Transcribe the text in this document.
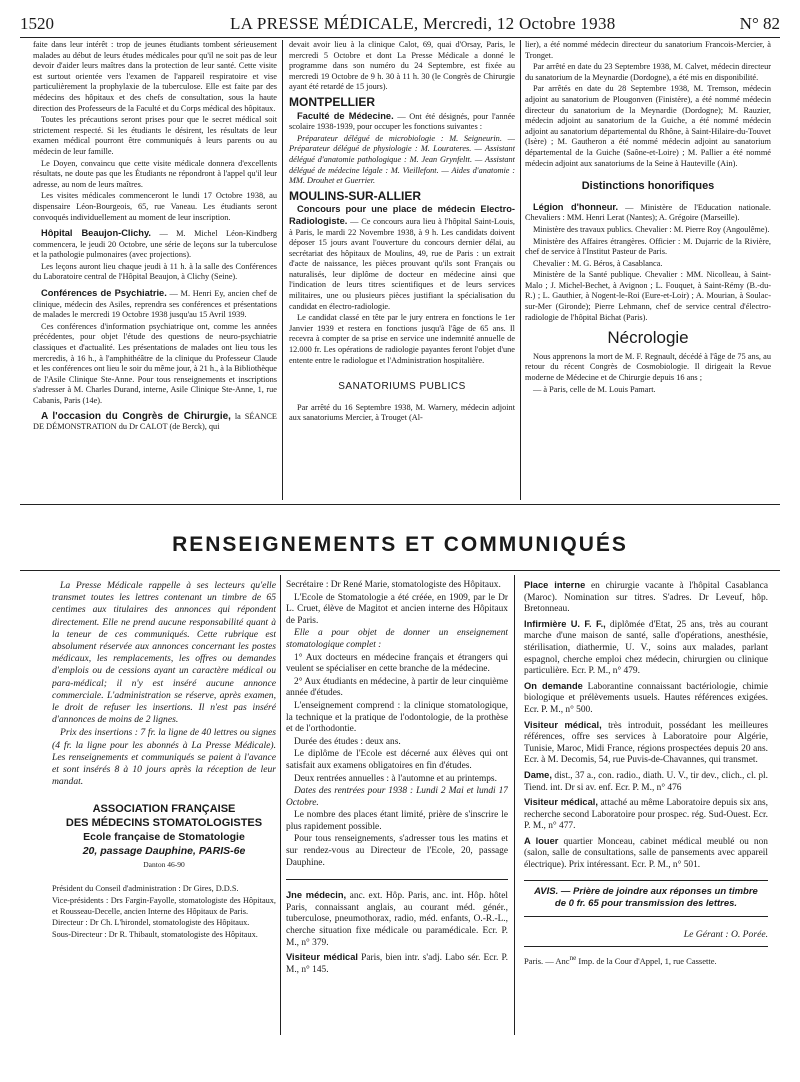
1520	LA PRESSE MÉDICALE, Mercredi, 12 Octobre 1938	N° 82

faite dans leur intérêt : trop de jeunes étudiants tombent sérieusement malades au début de leurs études médicales pour qu'il ne soit pas de leur devoir d'aider leurs maîtres dans la protection de leur santé. Cette visite est surtout orientée vers l'examen de l'appareil respiratoire et vise particulièrement la prophylaxie de la tuberculose. Elle est faite par des médecins des hôpitaux et des chefs de consultation, sous la haute direction des Professeurs de la Faculté et du Corps médical des hôpitaux.

Toutes les précautions seront prises pour que le secret médical soit strictement respecté. Si les étudiants le désirent, les résultats de leur examen médical pourront être communiqués à leurs parents ou au médecin de leur famille.

Le Doyen, convaincu que cette visite médicale donnera d'excellents résultats, ne doute pas que les Étudiants ne répondront à l'appel qu'il leur adresse, au nom de leurs maîtres.

Les visites médicales commenceront le lundi 17 Octobre 1938, au dispensaire Léon-Bourgeois, 65, rue Vaneau. Les étudiants seront convoqués individuellement au moment de leur inscription.

Hôpital Beaujon-Clichy. — M. Michel Léon-Kindberg commencera, le jeudi 20 Octobre, une série de leçons sur la tuberculose et la pathologie pulmonaires (avec projections).

Les leçons auront lieu chaque jeudi à 11 h. à la salle des Conférences du Laboratoire central de l'Hôpital Beaujon, à Clichy (Seine).

Conférences de Psychiatrie. — M. Henri Ey, ancien chef de clinique, médecin des Asiles, reprendra ses conférences et présentations de malades le mercredi 19 Octobre 1938 jusqu'au 15 Avril 1939.

Ces conférences d'information psychiatrique ont, comme les années précédentes, pour objet l'étude des questions de neuro-psychiatrie classiques et d'actualité. Les présentations de malades ont lieu tous les mercredis, à 16 h., à l'amphithéâtre de la clinique du Professeur Claude et les conférences ont lieu le soir du même jour, à 21 h., à la Bibliothèque de l'Asile Clinique Ste-Anne. Pour tous renseignements et inscriptions s'adresser à M. Charles Durand, interne, Asile Clinique Ste-Anne, 1, rue Cabanis, Paris (14e).

A l'occasion du Congrès de Chirurgie, la SÉANCE DE DÉMONSTRATION du Dr CALOT (de Berck), qui

devait avoir lieu à la clinique Calot, 69, quai d'Orsay, Paris, le mercredi 5 Octobre et dont La Presse Médicale a donné le programme dans son numéro du 24 Septembre, est fixée au mercredi 19 Octobre de 9 h. 30 à 11 h. 30 (le Congrès de Chirurgie ayant été retardé de 15 jours).

MONTPELLIER

Faculté de Médecine. — Ont été désignés, pour l'année scolaire 1938-1939, pour occuper les fonctions suivantes :

Préparateur délégué de microbiologie : M. Seigneurin. — Préparateur délégué de physiologie : M. Lourateres. — Assistant délégué d'anatomie pathologique : M. Jean Grynfeltt. — Assistant délégué de médecine légale : M. Vieillefont. — Aides d'anatomie : MM. Drouhet et Guerrier.

MOULINS-SUR-ALLIER

Concours pour une place de médecin Electro-Radiologiste. — Ce concours aura lieu à l'hôpital Saint-Louis, à Paris, le mardi 22 Novembre 1938, à 9 h. Les candidats doivent déposer 15 jours avant l'ouverture du concours dernier délai, au secrétariat des hôpitaux de Moulins, 49, rue de Paris : un extrait d'acte de naissance, les pièces prouvant qu'ils sont Français ou naturalisés, leur diplôme de docteur en médecine ainsi que l'indication de leurs titres scientifiques et de leurs services militaires, une ou plusieurs pièces justifiant la spécialisation du candidat en électro-radiologie.

Le candidat classé en tête par le jury entrera en fonctions le 1er Janvier 1939 et restera en fonctions jusqu'à l'âge de 65 ans. Il recevra à compter de sa prise en service une indemnité annuelle de 12.000 fr. Les opérations de radiologie payantes feront l'objet d'une entente entre le radiologue et l'Administration hospitalière.

SANATORIUMS PUBLICS

Par arrêté du 16 Septembre 1938, M. Warnery, médecin adjoint aux sanatoriums Mercier, à Trouget (Al-

lier), a été nommé médecin directeur du sanatorium Francois-Mercier, à Tronget.

Par arrêté en date du 23 Septembre 1938, M. Calvet, médecin directeur du sanatorium de la Meynardie (Dordogne), a été mis en disponibilité.

Par arrêtés en date du 28 Septembre 1938, M. Tremson, médecin adjoint au sanatorium de Plougonven (Finistère), a été nommé médecin directeur du sanatorium de la Meynardie (Dordogne); M. Rauzier, médecin adjoint au sanatorium de la Guiche, a été nommé médecin adjoint au sanatorium départemental du Rhône, à Saint-Hilaire-du-Touvet (Isère) ; M. Gautheron a été nommé médecin adjoint au sanatorium départemental de la Guiche (Saône-et-Loire) ; M. Pallier a été nommé médecin adjoint aux sanatoriums de la Seine à Hauteville (Ain).

Distinctions honorifiques

Légion d'honneur. — Ministère de l'Education nationale. Chevaliers : MM. Henri Lerat (Nantes); A. Grégoire (Marseille).

Ministère des travaux publics. Chevalier : M. Pierre Roy (Angoulême).

Ministère des Affaires étrangères. Officier : M. Dujarric de la Rivière, chef de service à l'Institut Pasteur de Paris.

Chevalier : M. G. Béros, à Casablanca.

Ministère de la Santé publique. Chevalier : MM. Nicolleau, à Saint-Malo ; J. Michel-Bechet, à Avignon ; L. Fouquet, à Saint-Rémy (B.-du-R.) ; L. Gauthier, à Nogent-le-Roi (Eure-et-Loir) ; A. Mourian, à Soulac-sur-Mer (Gironde); Pierre Lehmann, chef de service central d'électro-radiologie de l'hôpital Bichat (Paris).

Nécrologie

Nous apprenons la mort de M. F. Regnault, décédé à l'âge de 75 ans, au retour du récent Congrès de Cosmobiologie. Il dirigeait la Revue moderne de Médecine et de Chirurgie depuis 16 ans ;

— à Paris, celle de M. Louis Pamart.

RENSEIGNEMENTS ET COMMUNIQUÉS

La Presse Médicale rappelle à ses lecteurs qu'elle transmet toutes les lettres contenant un timbre de 65 centimes aux titulaires des annonces qui répondent directement. Elle ne prend aucune responsabilité quant à la teneur de ces communiqués. Cette rubrique est absolument réservée aux annonces concernant les postes médicaux, les remplacements, les offres ou demandes d'emplois ou de cessions ayant un caractère médical ou para-médical; il n'y est inséré aucune annonce commerciale. L'administration se réserve, après examen, le droit de refuser les insertions. Il n'est pas inséré d'annonces de moins de 2 lignes.

Prix des insertions : 7 fr. la ligne de 40 lettres ou signes (4 fr. la ligne pour les abonnés à La Presse Médicale). Les renseignements et communiqués se paient à l'avance et sont insérés 8 à 10 jours après la réception de leur mandat.

ASSOCIATION FRANÇAISE
DES MÉDECINS STOMATOLOGISTES
Ecole française de Stomatologie
20, passage Dauphine, PARIS-6e
Danton 46-90

Président du Conseil d'administration : Dr Gires, D.D.S.

Vice-présidents : Drs Fargin-Fayolle, stomatologiste des Hôpitaux, et Rousseau-Decelle, ancien Interne des Hôpitaux de Paris.

Directeur : Dr Ch. L'hirondel, stomatologiste des Hôpitaux.

Sous-Directeur : Dr R. Thibault, stomatologiste des Hôpitaux.

Secrétaire : Dr René Marie, stomatologiste des Hôpitaux.

L'Ecole de Stomatologie a été créée, en 1909, par le Dr L. Cruet, élève de Magitot et ancien interne des Hôpitaux de Paris.

Elle a pour objet de donner un enseignement stomatologique complet :

1° Aux docteurs en médecine français et étrangers qui veulent se spécialiser en cette branche de la médecine.

2° Aux étudiants en médecine, à partir de leur cinquième année d'études.

L'enseignement comprend : la clinique stomatologique, la technique et la pratique de l'odontologie, de la prothèse et de l'orthodontie.

Durée des études : deux ans.

Le diplôme de l'Ecole est décerné aux élèves qui ont satisfait aux examens obligatoires en fin d'études.

Deux rentrées annuelles : à l'automne et au printemps.

Dates des rentrées pour 1938 : Lundi 2 Mai et lundi 17 Octobre.

Le nombre des places étant limité, prière de s'inscrire le plus rapidement possible.

Pour tous renseignements, s'adresser tous les matins et sur rendez-vous au Directeur de l'Ecole, 20, passage Dauphine.

Jne médecin, anc. ext. Hôp. Paris, anc. int. Hôp. hôtel Paris, connaissant anglais, au courant méd. génér., tuberculose, pneumothorax, radio, méd. enfants, O.-R.-L., cherche situation fixe médicale ou paramédicale. Ecr. P. M., n° 379.

Visiteur médical Paris, bien intr. s'adj. Labo sér. Ecr. P. M., n° 145.

Place interne en chirurgie vacante à l'hôpital Casablanca (Maroc). Nomination sur titres. S'adres. Dr Leveuf, hôp. Bretonneau.

Infirmière U. F. F., diplômée d'Etat, 25 ans, très au courant marche d'une maison de santé, salle d'opérations, anesthésie, stérilisation, diathermie, U. V., soins aux malades, parlant espagnol, cherche emploi chez médecin, chirurgien ou clinique particulière. Ecr. P. M., n° 479.

On demande Laborantine connaissant bactériologie, chimie biologique et prélèvements usuels. Hautes références exigées. Ecr. P. M., n° 500.

Visiteur médical, très introduit, possédant les meilleures références, offre ses services à Laboratoire pour Algérie, Tunisie, Maroc, Midi France, régions prospectées depuis 20 ans. Ecr. à M. Decomis, 54, rue Puvis-de-Chavannes, qui transmet.

Dame, dist., 37 a., con. radio., diath. U. V., tir dev., clich., cl. pl. Tiend. int. Dr si av. enf. Ecr. P. M., n° 476

Visiteur médical, attaché au même Laboratoire depuis six ans, recherche second Laboratoire pour prospec. rég. Sud-Ouest. Ecr. P. M., n° 477.

A louer quartier Monceau, cabinet médical meublé ou non (salon, salle de consultations, salle de pansements avec appareil électrique). Prix intéressant. Ecr. P. M., n° 501.

AVIS. — Prière de joindre aux réponses un timbre de 0 fr. 65 pour transmission des lettres.

Le Gérant : O. Porée.

Paris. — Anc$^{ne}$ Imp. de la Cour d'Appel, 1, rue Cassette.
